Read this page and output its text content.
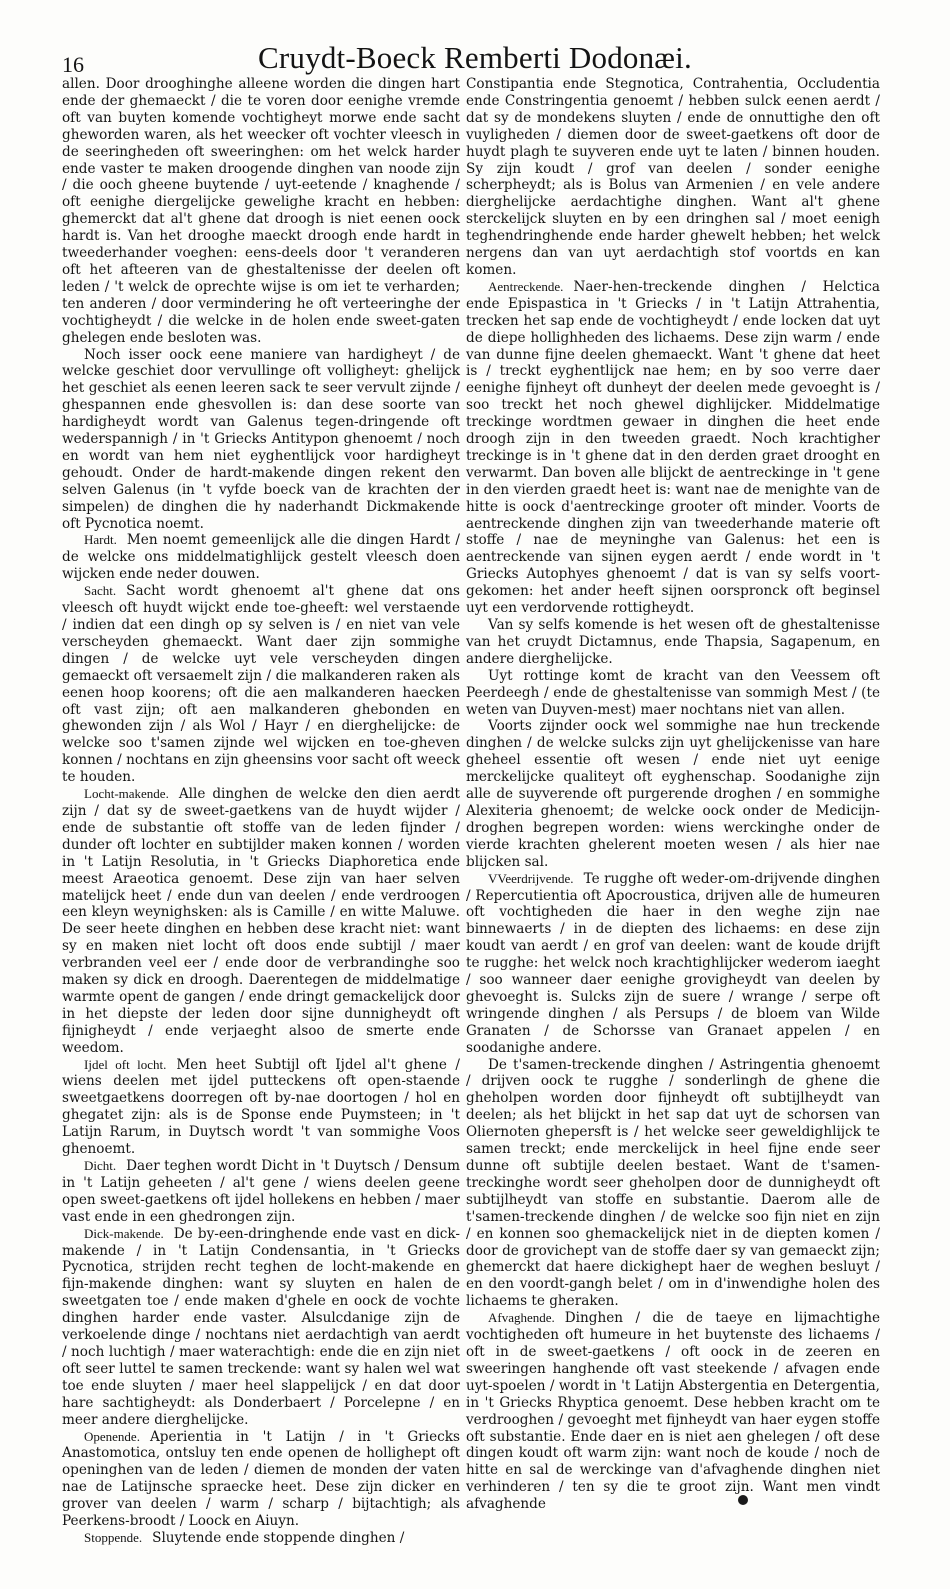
16	Cruydt-Boeck Remberti Dodonæi.

allen. Door drooghinghe alleene worden die dingen hart ende der ghemaeckt / die te voren door eenighe vremde oft van buyten komende vochtigheyt morwe ende sacht gheworden waren, als het weecker oft vochter vleesch in de seeringheden oft sweeringhen: om het welck harder ende vaster te maken droogende dinghen van noode zijn / die ooch gheene buytende / uyt-eetende / knaghende / oft eenighe diergelijcke gewelighe kracht en hebben: ghemerckt dat al't ghene dat droogh is niet eenen oock hardt is. Van het drooghe maeckt droogh ende hardt in tweederhander voeghen: eens-deels door 't veranderen oft het afteeren van de ghestaltenisse der deelen oft leden / 't welck de oprechte wijse is om iet te verharden; ten anderen / door vermindering he oft verteeringhe der vochtigheydt / die welcke in de holen ende sweet-gaten ghelegen ende besloten was.

Noch isser oock eene maniere van hardigheyt / de welcke geschiet door vervullinge oft volligheyt: ghelijck het geschiet als eenen leeren sack te seer vervult zijnde / ghespannen ende ghesvollen is: dan dese soorte van hardigheydt wordt van Galenus tegen-dringende oft wederspannigh / in 't Griecks Antitypon ghenoemt / noch en wordt van hem niet eyghentlijck voor hardigheyt gehoudt. Onder de hardt-makende dingen rekent den selven Galenus (in 't vyfde boeck van de krachten der simpelen) de dinghen die hy naderhandt Dickmakende oft Pycnotica noemt.

Hardt. Men noemt gemeenlijck alle die dingen Hardt / de welcke ons middelmatighlijck gestelt vleesch doen wijcken ende neder douwen.

Sacht. Sacht wordt ghenoemt al't ghene dat ons vleesch oft huydt wijckt ende toe-gheeft: wel verstaende / indien dat een dingh op sy selven is / en niet van vele verscheyden ghemaeckt. Want daer zijn sommighe dingen / de welcke uyt vele verscheyden dingen gemaeckt oft versaemelt zijn / die malkanderen raken als eenen hoop koorens; oft die aen malkanderen haecken oft vast zijn; oft aen malkanderen ghebonden en ghewonden zijn / als Wol / Hayr / en dierghelijcke: de welcke soo t'samen zijnde wel wijcken en toe-gheven konnen / nochtans en zijn gheensins voor sacht oft weeck te houden.

Locht-makende. Alle dinghen de welcke den dien aerdt zijn / dat sy de sweet-gaetkens van de huydt wijder / ende de substantie oft stoffe van de leden fijnder / dunder oft lochter en subtijlder maken konnen / worden in 't Latijn Resolutia, in 't Griecks Diaphoretica ende meest Araeotica genoemt. Dese zijn van haer selven matelijck heet / ende dun van deelen / ende verdroogen een kleyn weynighsken: als is Camille / en witte Maluwe. De seer heete dinghen en hebben dese kracht niet: want sy en maken niet locht oft doos ende subtijl / maer verbranden veel eer / ende door de verbrandinghe soo maken sy dick en droogh. Daerentegen de middelmatige warmte opent de gangen / ende dringt gemackelijck door in het diepste der leden door sijne dunnigheydt oft fijnigheydt / ende verjaeght alsoo de smerte ende weedom.

Ijdel oft locht. Men heet Subtijl oft Ijdel al't ghene / wiens deelen met ijdel putteckens oft open-staende sweetgaetkens doorregen oft by-nae doortogen / hol en ghegatet zijn: als is de Sponse ende Puymsteen; in 't Latijn Rarum, in Duytsch wordt 't van sommighe Voos ghenoemt.

Dicht. Daer teghen wordt Dicht in 't Duytsch / Densum in 't Latijn geheeten / al't gene / wiens deelen geene open sweet-gaetkens oft ijdel hollekens en hebben / maer vast ende in een ghedrongen zijn.

Dick-makende. De by-een-dringhende ende vast en dick-makende / in 't Latijn Condensantia, in 't Griecks Pycnotica, strijden recht teghen de locht-makende en fijn-makende dinghen: want sy sluyten en halen de sweetgaten toe / ende maken d'ghele en oock de vochte dinghen harder ende vaster. Alsulcdanige zijn de verkoelende dinge / nochtans niet aerdachtigh van aerdt / noch luchtigh / maer waterachtigh: ende die en zijn niet oft seer luttel te samen treckende: want sy halen wel wat toe ende sluyten / maer heel slappelijck / en dat door hare sachtigheydt: als Donderbaert / Porcelepne / en meer andere dierghelijcke.

Openende. Aperientia in 't Latijn / in 't Griecks Anastomotica, ontsluy ten ende openen de hollighept oft openinghen van de leden / diemen de monden der vaten nae de Latijnsche spraecke heet. Dese zijn dicker en grover van deelen / warm / scharp / bijtachtigh; als Peerkens-broodt / Loock en Aiuyn.

Stoppende. Sluytende ende stoppende dinghen /

Constipantia ende Stegnotica, Contrahentia, Occludentia ende Constringentia genoemt / hebben sulck eenen aerdt / dat sy de mondekens sluyten / ende de onnuttighe den oft vuyligheden / diemen door de sweet-gaetkens oft door de huydt plagh te suyveren ende uyt te laten / binnen houden. Sy zijn koudt / grof van deelen / sonder eenighe scherpheydt; als is Bolus van Armenien / en vele andere dierghelijcke aerdachtighe dinghen. Want al't ghene sterckelijck sluyten en by een dringhen sal / moet eenigh teghendringhende ende harder ghewelt hebben; het welck nergens dan van uyt aerdachtigh stof voortds en kan komen.

Aentreckende. Naer-hen-treckende dinghen / Helctica ende Epispastica in 't Griecks / in 't Latijn Attrahentia, trecken het sap ende de vochtigheydt / ende locken dat uyt de diepe hollighheden des lichaems. Dese zijn warm / ende van dunne fijne deelen ghemaeckt. Want 't ghene dat heet is / treckt eyghentlijck nae hem; en by soo verre daer eenighe fijnheyt oft dunheyt der deelen mede gevoeght is / soo treckt het noch ghewel dighlijcker. Middelmatige treckinge wordtmen gewaer in dinghen die heet ende droogh zijn in den tweeden graedt. Noch krachtigher treckinge is in 't ghene dat in den derden graet drooght en verwarmt. Dan boven alle blijckt de aentreckinge in 't gene in den vierden graedt heet is: want nae de menighte van de hitte is oock d'aentreckinge grooter oft minder. Voorts de aentreckende dinghen zijn van tweederhande materie oft stoffe / nae de meyninghe van Galenus: het een is aentreckende van sijnen eygen aerdt / ende wordt in 't Griecks Autophyes ghenoemt / dat is van sy selfs voort-gekomen: het ander heeft sijnen oorspronck oft beginsel uyt een verdorvende rottigheydt.

Van sy selfs komende is het wesen oft de ghestaltenisse van het cruydt Dictamnus, ende Thapsia, Sagapenum, en andere dierghelijcke.

Uyt rottinge komt de kracht van den Veessem oft Peerdeegh / ende de ghestaltenisse van sommigh Mest / (te weten van Duyven-mest) maer nochtans niet van allen.

Voorts zijnder oock wel sommighe nae hun treckende dinghen / de welcke sulcks zijn uyt ghelijckenisse van hare gheheel essentie oft wesen / ende niet uyt eenige merckelijcke qualiteyt oft eyghenschap. Soodanighe zijn alle de suyverende oft purgerende droghen / en sommighe Alexiteria ghenoemt; de welcke oock onder de Medicijn-droghen begrepen worden: wiens werckinghe onder de vierde krachten ghelerent moeten wesen / als hier nae blijcken sal.

VVeerdrijvende. Te rugghe oft weder-om-drijvende dinghen / Repercutientia oft Apocroustica, drijven alle de humeuren oft vochtigheden die haer in den weghe zijn nae binnewaerts / in de diepten des lichaems: en dese zijn koudt van aerdt / en grof van deelen: want de koude drijft te rugghe: het welck noch krachtighlijcker wederom iaeght / soo wanneer daer eenighe grovigheydt van deelen by ghevoeght is. Sulcks zijn de suere / wrange / serpe oft wringende dinghen / als Persups / de bloem van Wilde Granaten / de Schorsse van Granaet appelen / en soodanighe andere.

De t'samen-treckende dinghen / Astringentia ghenoemt / drijven oock te rugghe / sonderlingh de ghene die gheholpen worden door fijnheydt oft subtijlheydt van deelen; als het blijckt in het sap dat uyt de schorsen van Oliernoten ghepersft is / het welcke seer geweldighlijck te samen treckt; ende merckelijck in heel fijne ende seer dunne oft subtijle deelen bestaet. Want de t'samen-treckinghe wordt seer gheholpen door de dunnigheydt oft subtijlheydt van stoffe en substantie. Daerom alle de t'samen-treckende dinghen / de welcke soo fijn niet en zijn / en konnen soo ghemackelijck niet in de diepten komen / door de grovichept van de stoffe daer sy van gemaeckt zijn; ghemerckt dat haere dickighept haer de weghen besluyt / en den voordt-gangh belet / om in d'inwendighe holen des lichaems te gheraken.

Afvaghende. Dinghen / die de taeye en lijmachtighe vochtigheden oft humeure in het buytenste des lichaems / oft in de sweet-gaetkens / oft oock in de zeeren en sweeringen hanghende oft vast steekende / afvagen ende uyt-spoelen / wordt in 't Latijn Abstergentia en Detergentia, in 't Griecks Rhyptica genoemt. Dese hebben kracht om te verdrooghen / gevoeght met fijnheydt van haer eygen stoffe oft substantie. Ende daer en is niet aen ghelegen / oft dese dingen koudt oft warm zijn: want noch de koude / noch de hitte en sal de werckinge van d'afvaghende dinghen niet verhinderen / ten sy die te groot zijn. Want men vindt afvaghende
